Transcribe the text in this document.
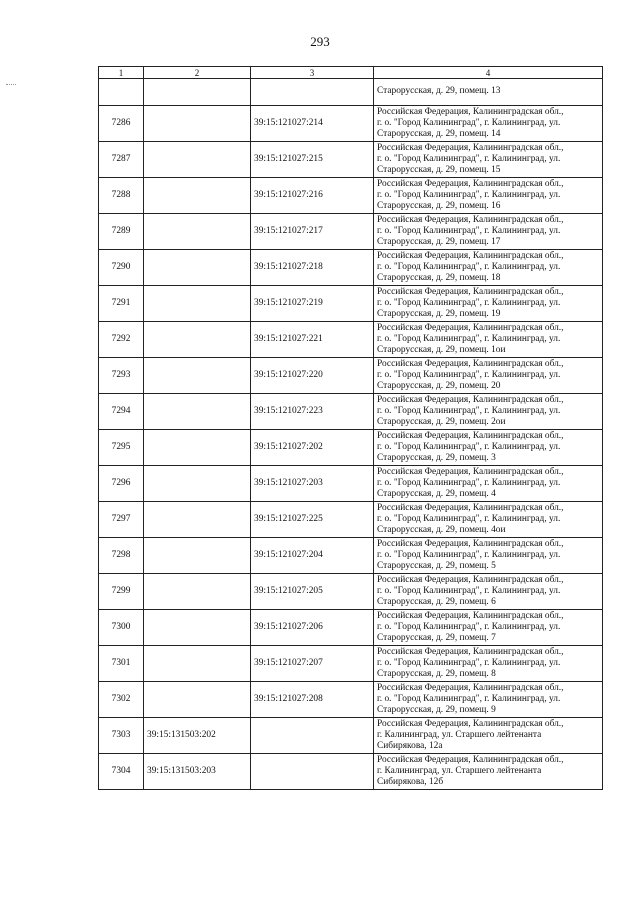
293
1	2	3	4

			Старорусская, д. 29, помещ. 13

7286		39:15:121027:214	Российская Федерация, Калининградская обл.,
г. о. "Город Калининград", г. Калининград, ул.
Старорусская, д. 29, помещ. 14

7287		39:15:121027:215	Российская Федерация, Калининградская обл.,
г. о. "Город Калининград", г. Калининград, ул.
Старорусская, д. 29, помещ. 15

7288		39:15:121027:216	Российская Федерация, Калининградская обл.,
г. о. "Город Калининград", г. Калининград, ул.
Старорусская, д. 29, помещ. 16

7289		39:15:121027:217	Российская Федерация, Калининградская обл.,
г. о. "Город Калининград", г. Калининград, ул.
Старорусская, д. 29, помещ. 17

7290		39:15:121027:218	Российская Федерация, Калининградская обл.,
г. о. "Город Калининград", г. Калининград, ул.
Старорусская, д. 29, помещ. 18

7291		39:15:121027:219	Российская Федерация, Калининградская обл.,
г. о. "Город Калининград", г. Калининград, ул.
Старорусская, д. 29, помещ. 19

7292		39:15:121027:221	Российская Федерация, Калининградская обл.,
г. о. "Город Калининград", г. Калининград, ул.
Старорусская, д. 29, помещ. 1ои

7293		39:15:121027:220	Российская Федерация, Калининградская обл.,
г. о. "Город Калининград", г. Калининград, ул.
Старорусская, д. 29, помещ. 20

7294		39:15:121027:223	Российская Федерация, Калининградская обл.,
г. о. "Город Калининград", г. Калининград, ул.
Старорусская, д. 29, помещ. 2ои

7295		39:15:121027:202	Российская Федерация, Калининградская обл.,
г. о. "Город Калининград", г. Калининград, ул.
Старорусская, д. 29, помещ. 3

7296		39:15:121027:203	Российская Федерация, Калининградская обл.,
г. о. "Город Калининград", г. Калининград, ул.
Старорусская, д. 29, помещ. 4

7297		39:15:121027:225	Российская Федерация, Калининградская обл.,
г. о. "Город Калининград", г. Калининград, ул.
Старорусская, д. 29, помещ. 4ои

7298		39:15:121027:204	Российская Федерация, Калининградская обл.,
г. о. "Город Калининград", г. Калининград, ул.
Старорусская, д. 29, помещ. 5

7299		39:15:121027:205	Российская Федерация, Калининградская обл.,
г. о. "Город Калининград", г. Калининград, ул.
Старорусская, д. 29, помещ. 6

7300		39:15:121027:206	Российская Федерация, Калининградская обл.,
г. о. "Город Калининград", г. Калининград, ул.
Старорусская, д. 29, помещ. 7

7301		39:15:121027:207	Российская Федерация, Калининградская обл.,
г. о. "Город Калининград", г. Калининград, ул.
Старорусская, д. 29, помещ. 8

7302		39:15:121027:208	Российская Федерация, Калининградская обл.,
г. о. "Город Калининград", г. Калининград, ул.
Старорусская, д. 29, помещ. 9

7303	39:15:131503:202		Российская Федерация, Калининградская обл.,
г. Калининград, ул. Старшего лейтенанта
Сибирякова, 12а

7304	39:15:131503:203		Российская Федерация, Калининградская обл.,
г. Калининград, ул. Старшего лейтенанта
Сибирякова, 12б
